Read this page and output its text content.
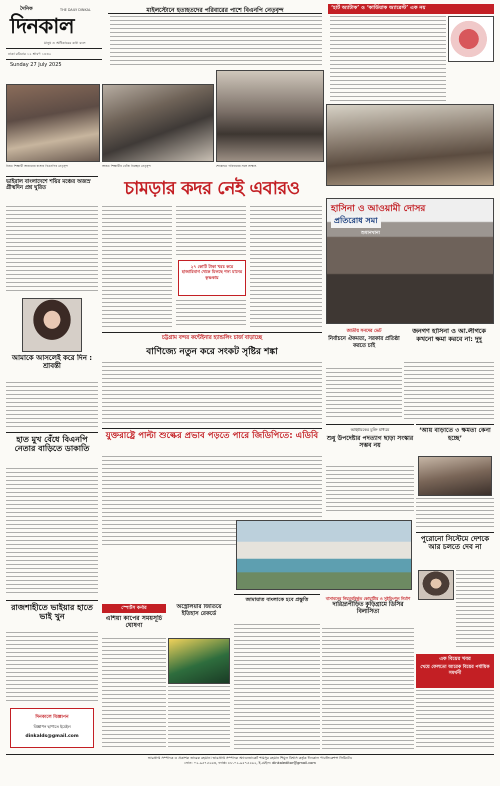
দৈনিক
দিনকাল
THE DAILY DINKAL
মানুষ ও অধিকারের কথা বলে
ঢাকা রবিবার ১২ শ্রাবণ ১৪৩২
Sunday 27 July 2025
মাইলস্টোনে হতাহতদের পরিবারের পাশে বিএনপি নেতৃবৃন্দ	‘হার্ট অ্যাটাক’ ও ‘কার্ডিয়াক অ্যারেস্ট’ এক নয়
নিহত শিক্ষার্থী আয়ানের বাসায় বিএনপির নেতৃবৃন্দ	আহত শিক্ষার্থীর খোঁজ নিচ্ছেন নেতৃবৃন্দ	শোকাহত পরিবারের সঙ্গে সাক্ষাৎ
ভাইরাল বাংলাদেশে শয়ির মঞ্চের অজস্র গ্রীষ্মদিন প্রশ্ন ঘুরিত
আমাকে আসলেই করে দিন : শ্রাবন্তী
হাত মুখ বেঁধে বিএনপি নেতার বাড়িতে ডাকাতি
রাজশাহীতে ভাইয়ার হাতে ভাই খুন
দিনকালে বিজ্ঞাপন
বিজ্ঞাপন ছাপাতে ইমেইল
dinkalds@gmail.com
চামড়ার কদর নেই এবারও
২৭ কোটি টাকা খরচ করে হাজারিবাগ থেকে মিলছে শস্য মানের কৃষ্ণকায়
হাসিনা ও আওয়ামী দোসর
প্রতিরোধ সমা
শুমানখানা
চট্টগ্রাম বন্দর কন্টেইনার হ্যান্ডলিং চার্জ বাড়াচ্ছে
বাণিজ্যে নতুন করে সংকট সৃষ্টির শঙ্কা
জাতীয় সনদের ভেট
নির্বাচনে ঐকমত্য, সরকার প্রতিষ্ঠা করতে চাই
জনগণ হাসিনা ও আ.লীগকে কখনো ক্ষমা করবে না: দুদু
যুক্তরাষ্ট্রে পাল্টা শুল্কের প্রভাব পড়তে পারে জিডিপিতে: এডিবি
আহ্বায়কের চুক্তি মাধ্যমে
শুধু উপদেষ্টার পদত্যাগ ছাড়া সংস্কার সম্ভব নয়
‘আয় বাড়াতে ৩ ক্ষমতা কেনা হচ্ছে’
পুরোনো সিস্টেমে দেশকে আর চলতে দেব না
স্পোর্টস কর্নার
এশিয়া কাপের সময়সূচি ঘোষণা
অস্ট্রেলিয়ার জিতিয়ে ইতিহাস রেকর্ডে
জামায়াত বাংলাকে হবে প্রস্তুতি	বাসাবনের নিয়মবহির্ভূত কোয়ার্টার ও সুইমিংপুল নির্মাণ
দারিদ্র্যপীড়িত কুড়িগ্রামে ডিসির বিলাসিতা
এক বিয়ের খবর
খেয়ে ফেলতো আরেক বিয়ের পর্যায়িক সমর্থনী
ভারপ্রাপ্ত সম্পাদক ও প্রকাশক তারেক রহমান। ভারপ্রাপ্ত সম্পাদক অ্যাডভোকেট শামসুর রহমান শিমুল বিশ্বাস কর্তৃক দিনকাল পাবলিকেশন্স লিমিটেড
ফোন: ০২-৯৫৭৫২৬৩, ফ্যাক্স: ৮৮-০২-৯৫৭৫২৬২, ই-মেইল: dinkaleditor@gmail.com
